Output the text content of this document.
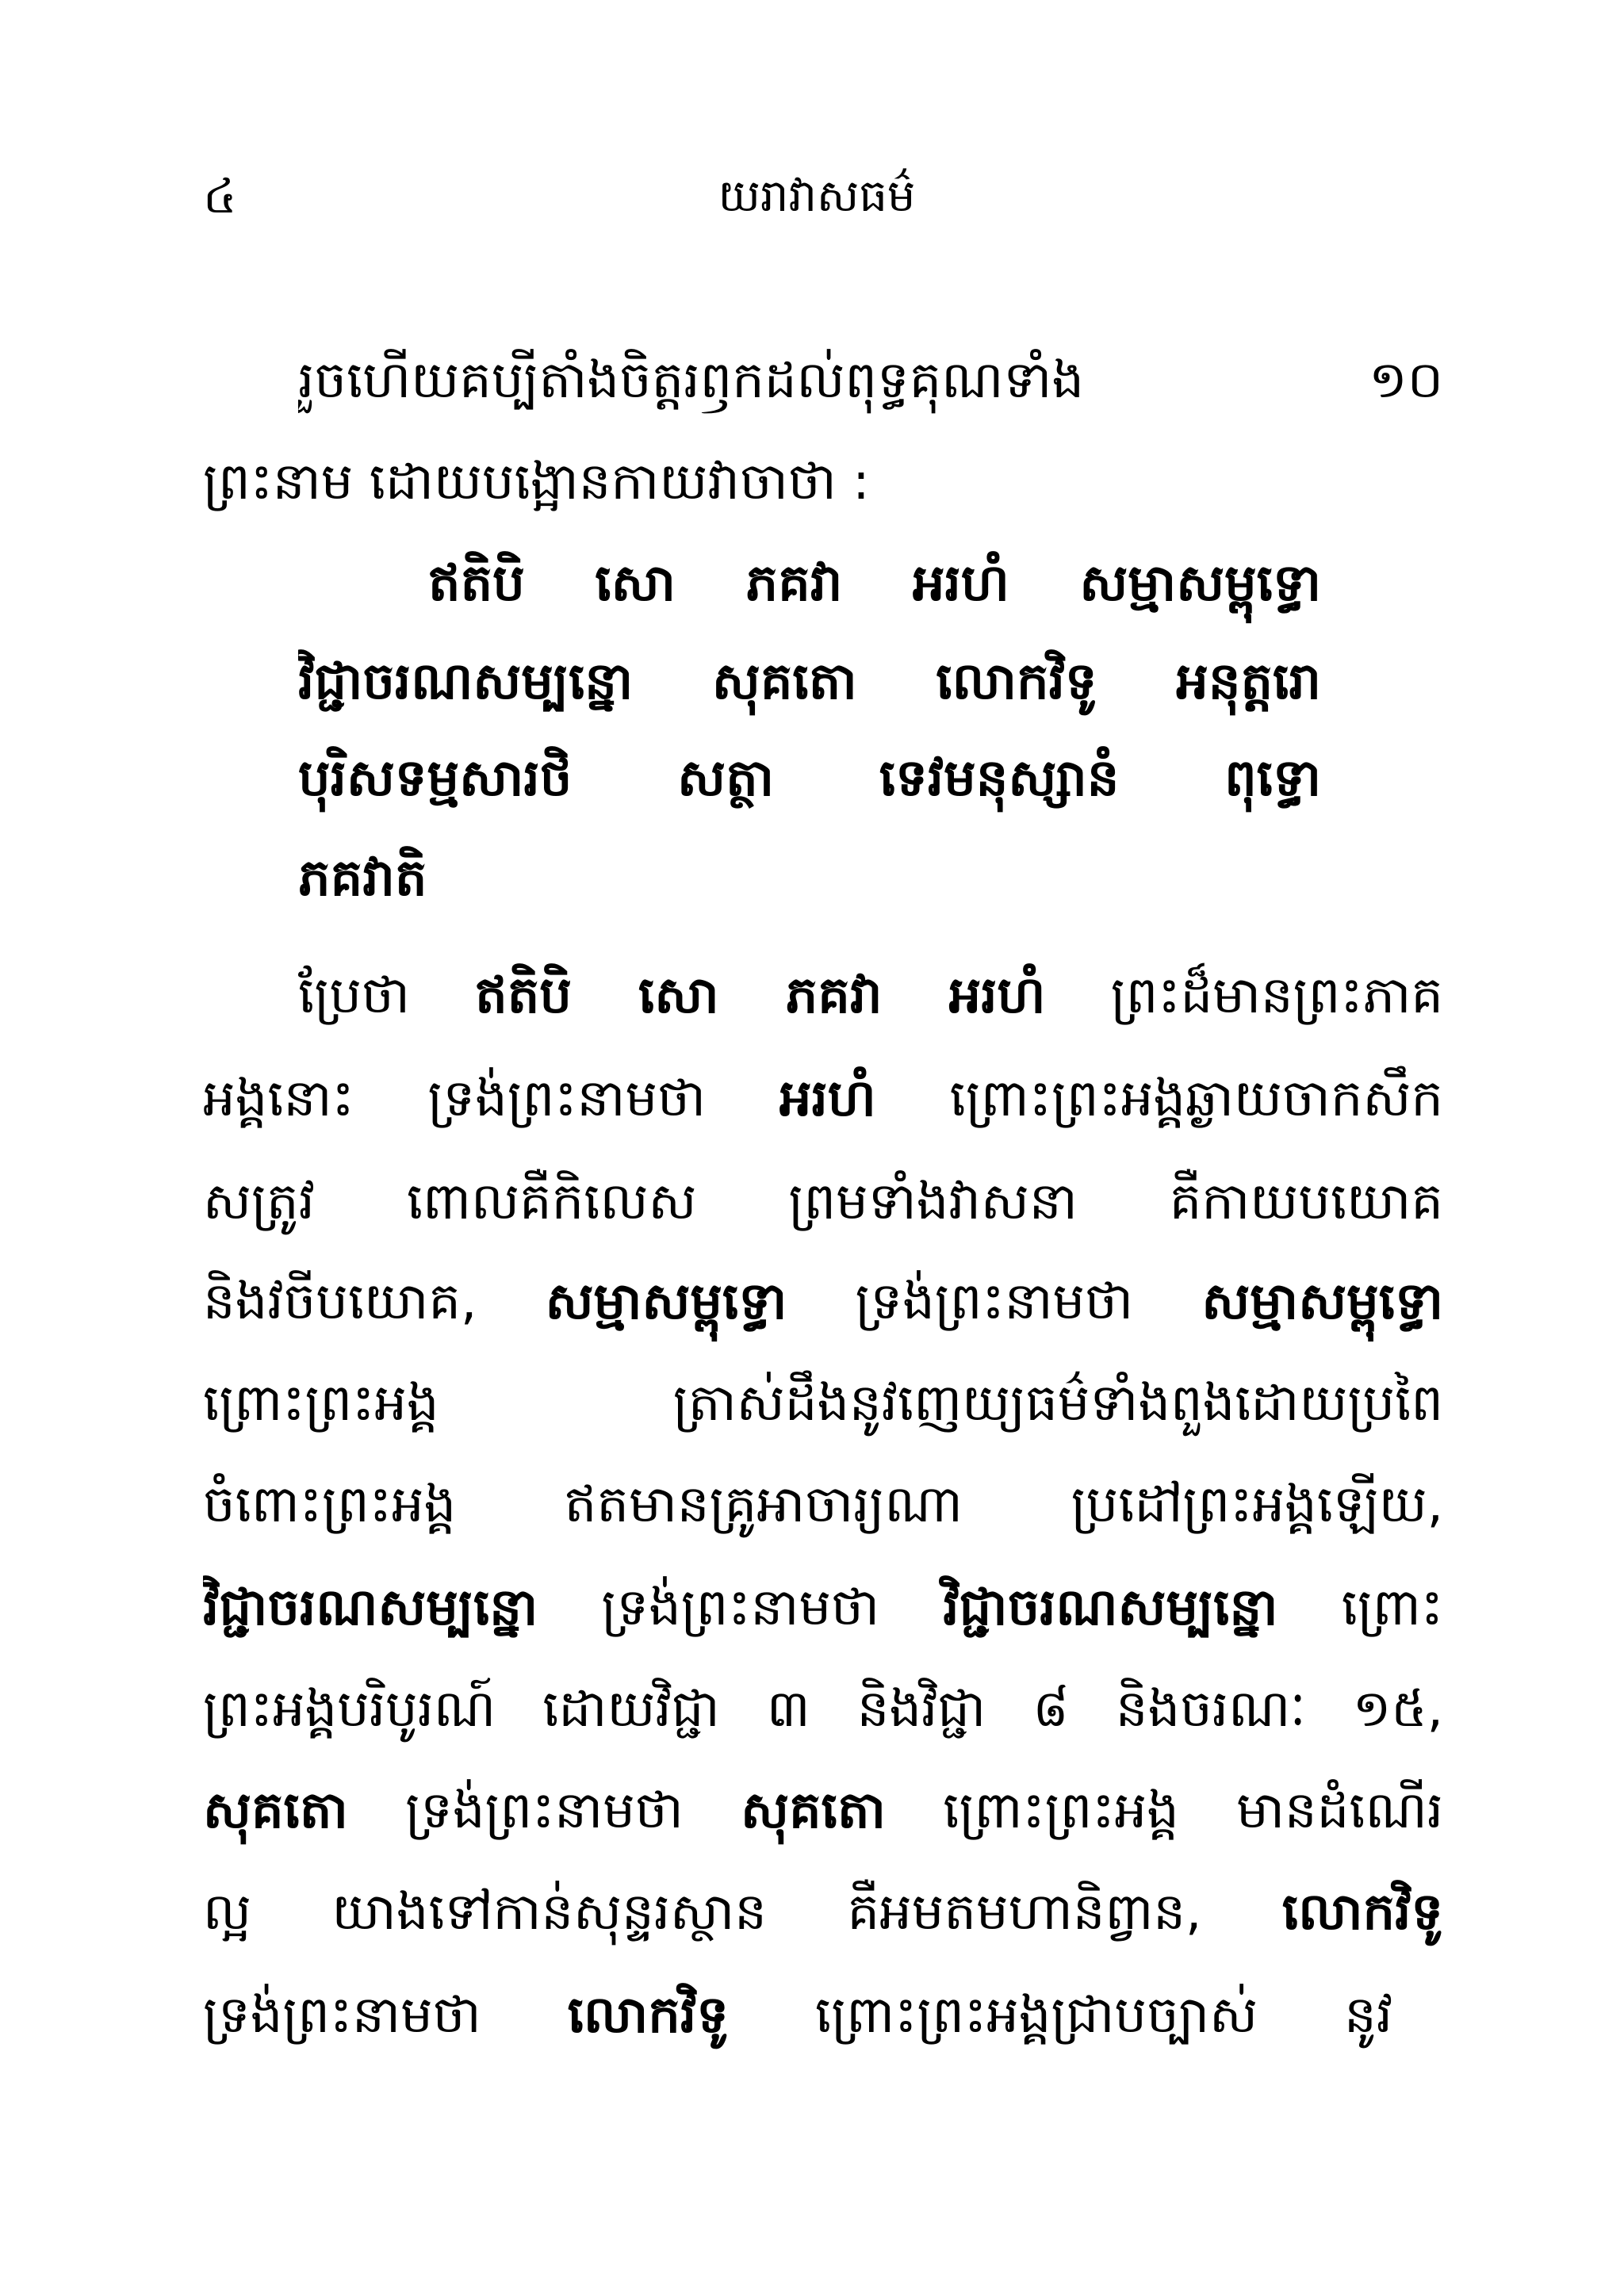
៤	យរាវាសធម៌
រួចហើយគប្បីតាំងចិត្តរឭកដល់ពុទ្ធគុណទាំង ១០
ព្រះនាម ដោយបង្អោនកាយវាចាថា :
ឥតិបិ សោ ភគវា អរហំ សម្មាសម្ពុទ្ធោ
វិជ្ជាចរណសម្បន្នោ សុគតោ លោកវិទូ អនុត្តរោ
បុរិសទម្មសារថិ សត្ថា ទេវមនុស្សានំ ពុទ្ធោ
ភគវាតិ
ប្រែថា ឥតិបិ សោ ភគវា អរហំ ព្រះដ៏មានព្រះភាគ
អង្គនោះ ទ្រង់ព្រះនាមថា អរហំ ព្រោះព្រះអង្គឆ្ងាយចាកសឹក
សត្រូវ ពោលគឺកិលេស ព្រមទាំងវាសនា គឺកាយបយោគ
និងវចីបយោគ, សម្មាសម្ពុទ្ធោ ទ្រង់ព្រះនាមថា សម្មាសម្ពុទ្ធោ
ព្រោះព្រះអង្គ ត្រាស់ដឹងនូវញេយ្យធម៌ទាំងពួងដោយប្រពៃ
ចំពោះព្រះអង្គ ឥតមានគ្រូអាចារ្យណា ប្រដៅព្រះអង្គឡើយ,
វិជ្ជាចរណសម្បន្នោ ទ្រង់ព្រះនាមថា វិជ្ជាចរណសម្បន្នោ ព្រោះ
ព្រះអង្គបរិបូរណ៍ ដោយវិជ្ជា ៣ និងវិជ្ជា ៨ និងចរណៈ ១៥,
សុគតោ ទ្រង់ព្រះនាមថា សុគតោ ព្រោះព្រះអង្គ មានដំណើរ
ល្អ យាងទៅកាន់សុន្ទរស្ថាន គឺអមតមហានិព្វាន, លោកវិទូ
ទ្រង់ព្រះនាមថា លោកវិទូ ព្រោះព្រះអង្គជ្រាបច្បាស់ នូវ
